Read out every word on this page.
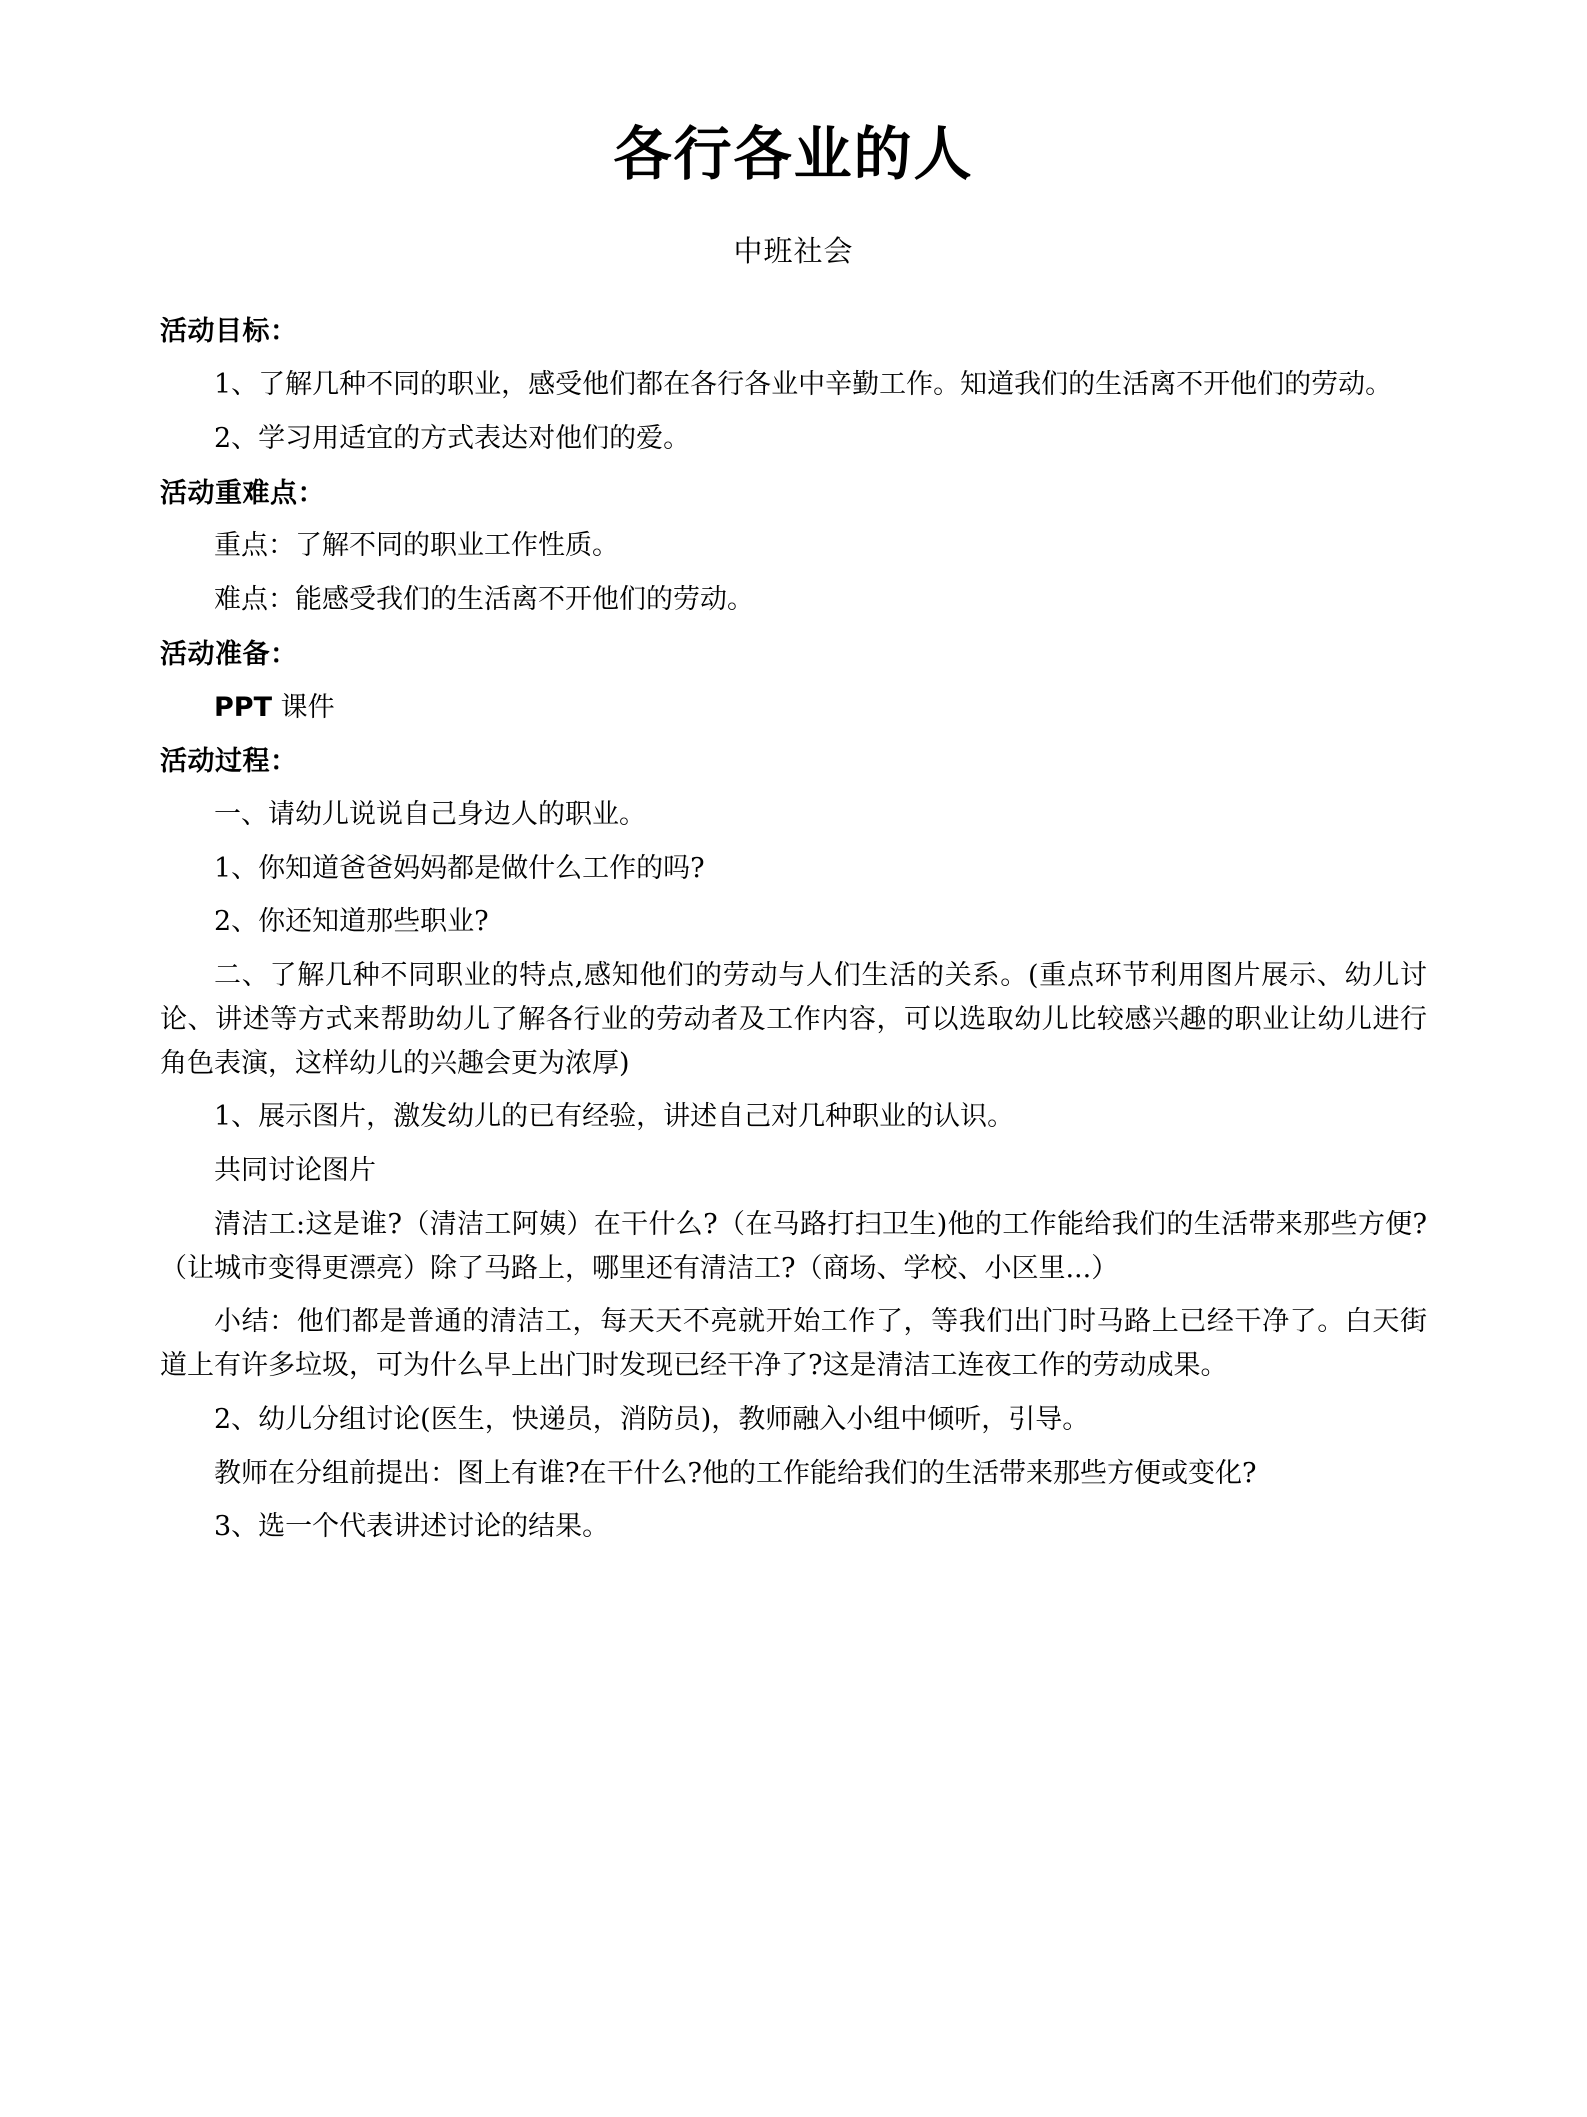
各行各业的人
中班社会
活动目标：

1、了解几种不同的职业，感受他们都在各行各业中辛勤工作。知道我们的生活离不开他们的劳动。

2、学习用适宜的方式表达对他们的爱。

活动重难点：

重点：了解不同的职业工作性质。

难点：能感受我们的生活离不开他们的劳动。

活动准备：

PPT 课件

活动过程：

一、请幼儿说说自己身边人的职业。

1、你知道爸爸妈妈都是做什么工作的吗?

2、你还知道那些职业?

二、了解几种不同职业的特点,感知他们的劳动与人们生活的关系。(重点环节利用图片展示、幼儿讨论、讲述等方式来帮助幼儿了解各行业的劳动者及工作内容，可以选取幼儿比较感兴趣的职业让幼儿进行角色表演，这样幼儿的兴趣会更为浓厚)

1、展示图片，激发幼儿的已有经验，讲述自己对几种职业的认识。

共同讨论图片

清洁工:这是谁?（清洁工阿姨）在干什么?（在马路打扫卫生)他的工作能给我们的生活带来那些方便?（让城市变得更漂亮）除了马路上，哪里还有清洁工?（商场、学校、小区里...）

小结：他们都是普通的清洁工，每天天不亮就开始工作了，等我们出门时马路上已经干净了。白天街道上有许多垃圾，可为什么早上出门时发现已经干净了?这是清洁工连夜工作的劳动成果。

2、幼儿分组讨论(医生，快递员，消防员)，教师融入小组中倾听，引导。

教师在分组前提出：图上有谁?在干什么?他的工作能给我们的生活带来那些方便或变化?

3、选一个代表讲述讨论的结果。
